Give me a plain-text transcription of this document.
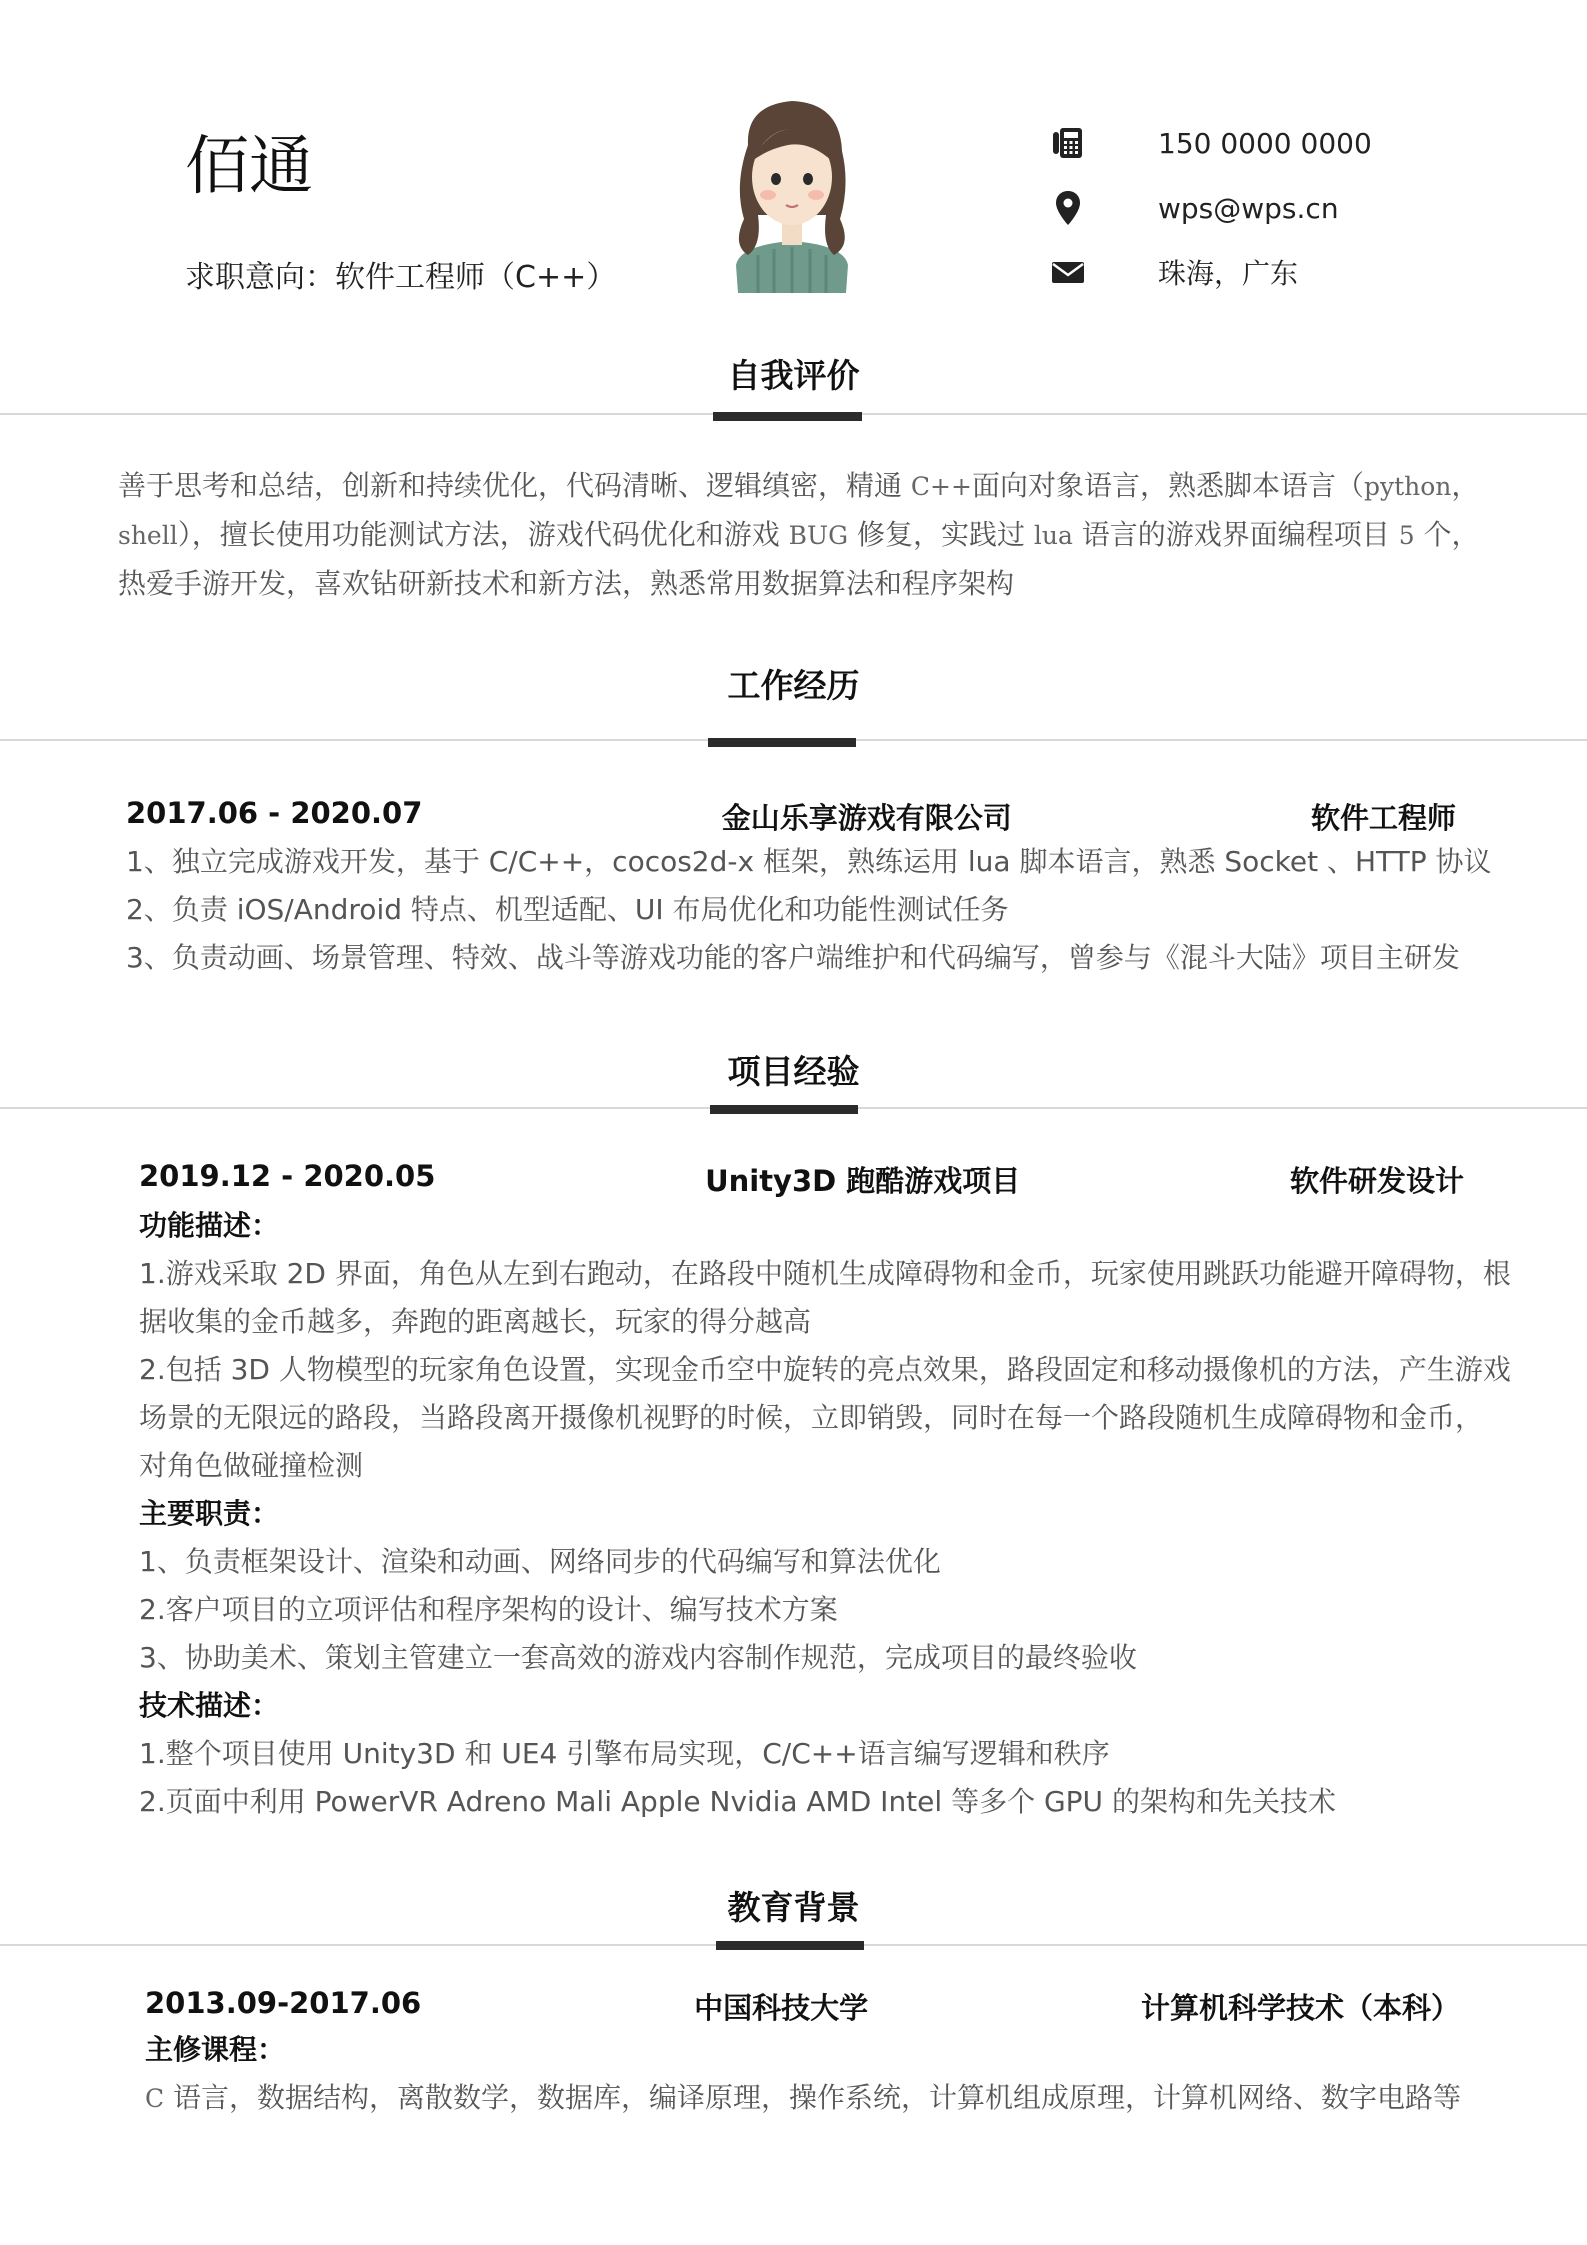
佰通
求职意向：软件工程师（C++）
150 0000 0000
wps@wps.cn
珠海，广东
自我评价
善于思考和总结，创新和持续优化，代码清晰、逻辑缜密，精通 C++面向对象语言，熟悉脚本语言（python，
shell），擅长使用功能测试方法，游戏代码优化和游戏 BUG 修复，实践过 lua 语言的游戏界面编程项目 5 个，
热爱手游开发，喜欢钻研新技术和新方法，熟悉常用数据算法和程序架构
工作经历
2017.06 - 2020.07	金山乐享游戏有限公司	软件工程师
1、独立完成游戏开发，基于 C/C++，cocos2d-x 框架，熟练运用 lua 脚本语言，熟悉 Socket 、HTTP 协议
2、负责 iOS/Android 特点、机型适配、UI 布局优化和功能性测试任务
3、负责动画、场景管理、特效、战斗等游戏功能的客户端维护和代码编写，曾参与《混斗大陆》项目主研发
项目经验
2019.12 - 2020.05	Unity3D 跑酷游戏项目	软件研发设计
功能描述：
1.游戏采取 2D 界面，角色从左到右跑动，在路段中随机生成障碍物和金币，玩家使用跳跃功能避开障碍物，根
据收集的金币越多，奔跑的距离越长，玩家的得分越高
2.包括 3D 人物模型的玩家角色设置，实现金币空中旋转的亮点效果，路段固定和移动摄像机的方法，产生游戏
场景的无限远的路段，当路段离开摄像机视野的时候，立即销毁，同时在每一个路段随机生成障碍物和金币，
对角色做碰撞检测
主要职责：
1、负责框架设计、渲染和动画、网络同步的代码编写和算法优化
2.客户项目的立项评估和程序架构的设计、编写技术方案
3、协助美术、策划主管建立一套高效的游戏内容制作规范，完成项目的最终验收
技术描述：
1.整个项目使用 Unity3D 和 UE4 引擎布局实现，C/C++语言编写逻辑和秩序
2.页面中利用 PowerVR Adreno Mali Apple Nvidia AMD Intel 等多个 GPU 的架构和先关技术
教育背景
2013.09-2017.06	中国科技大学	计算机科学技术（本科）
主修课程：
C 语言，数据结构，离散数学，数据库，编译原理，操作系统，计算机组成原理，计算机网络、数字电路等
